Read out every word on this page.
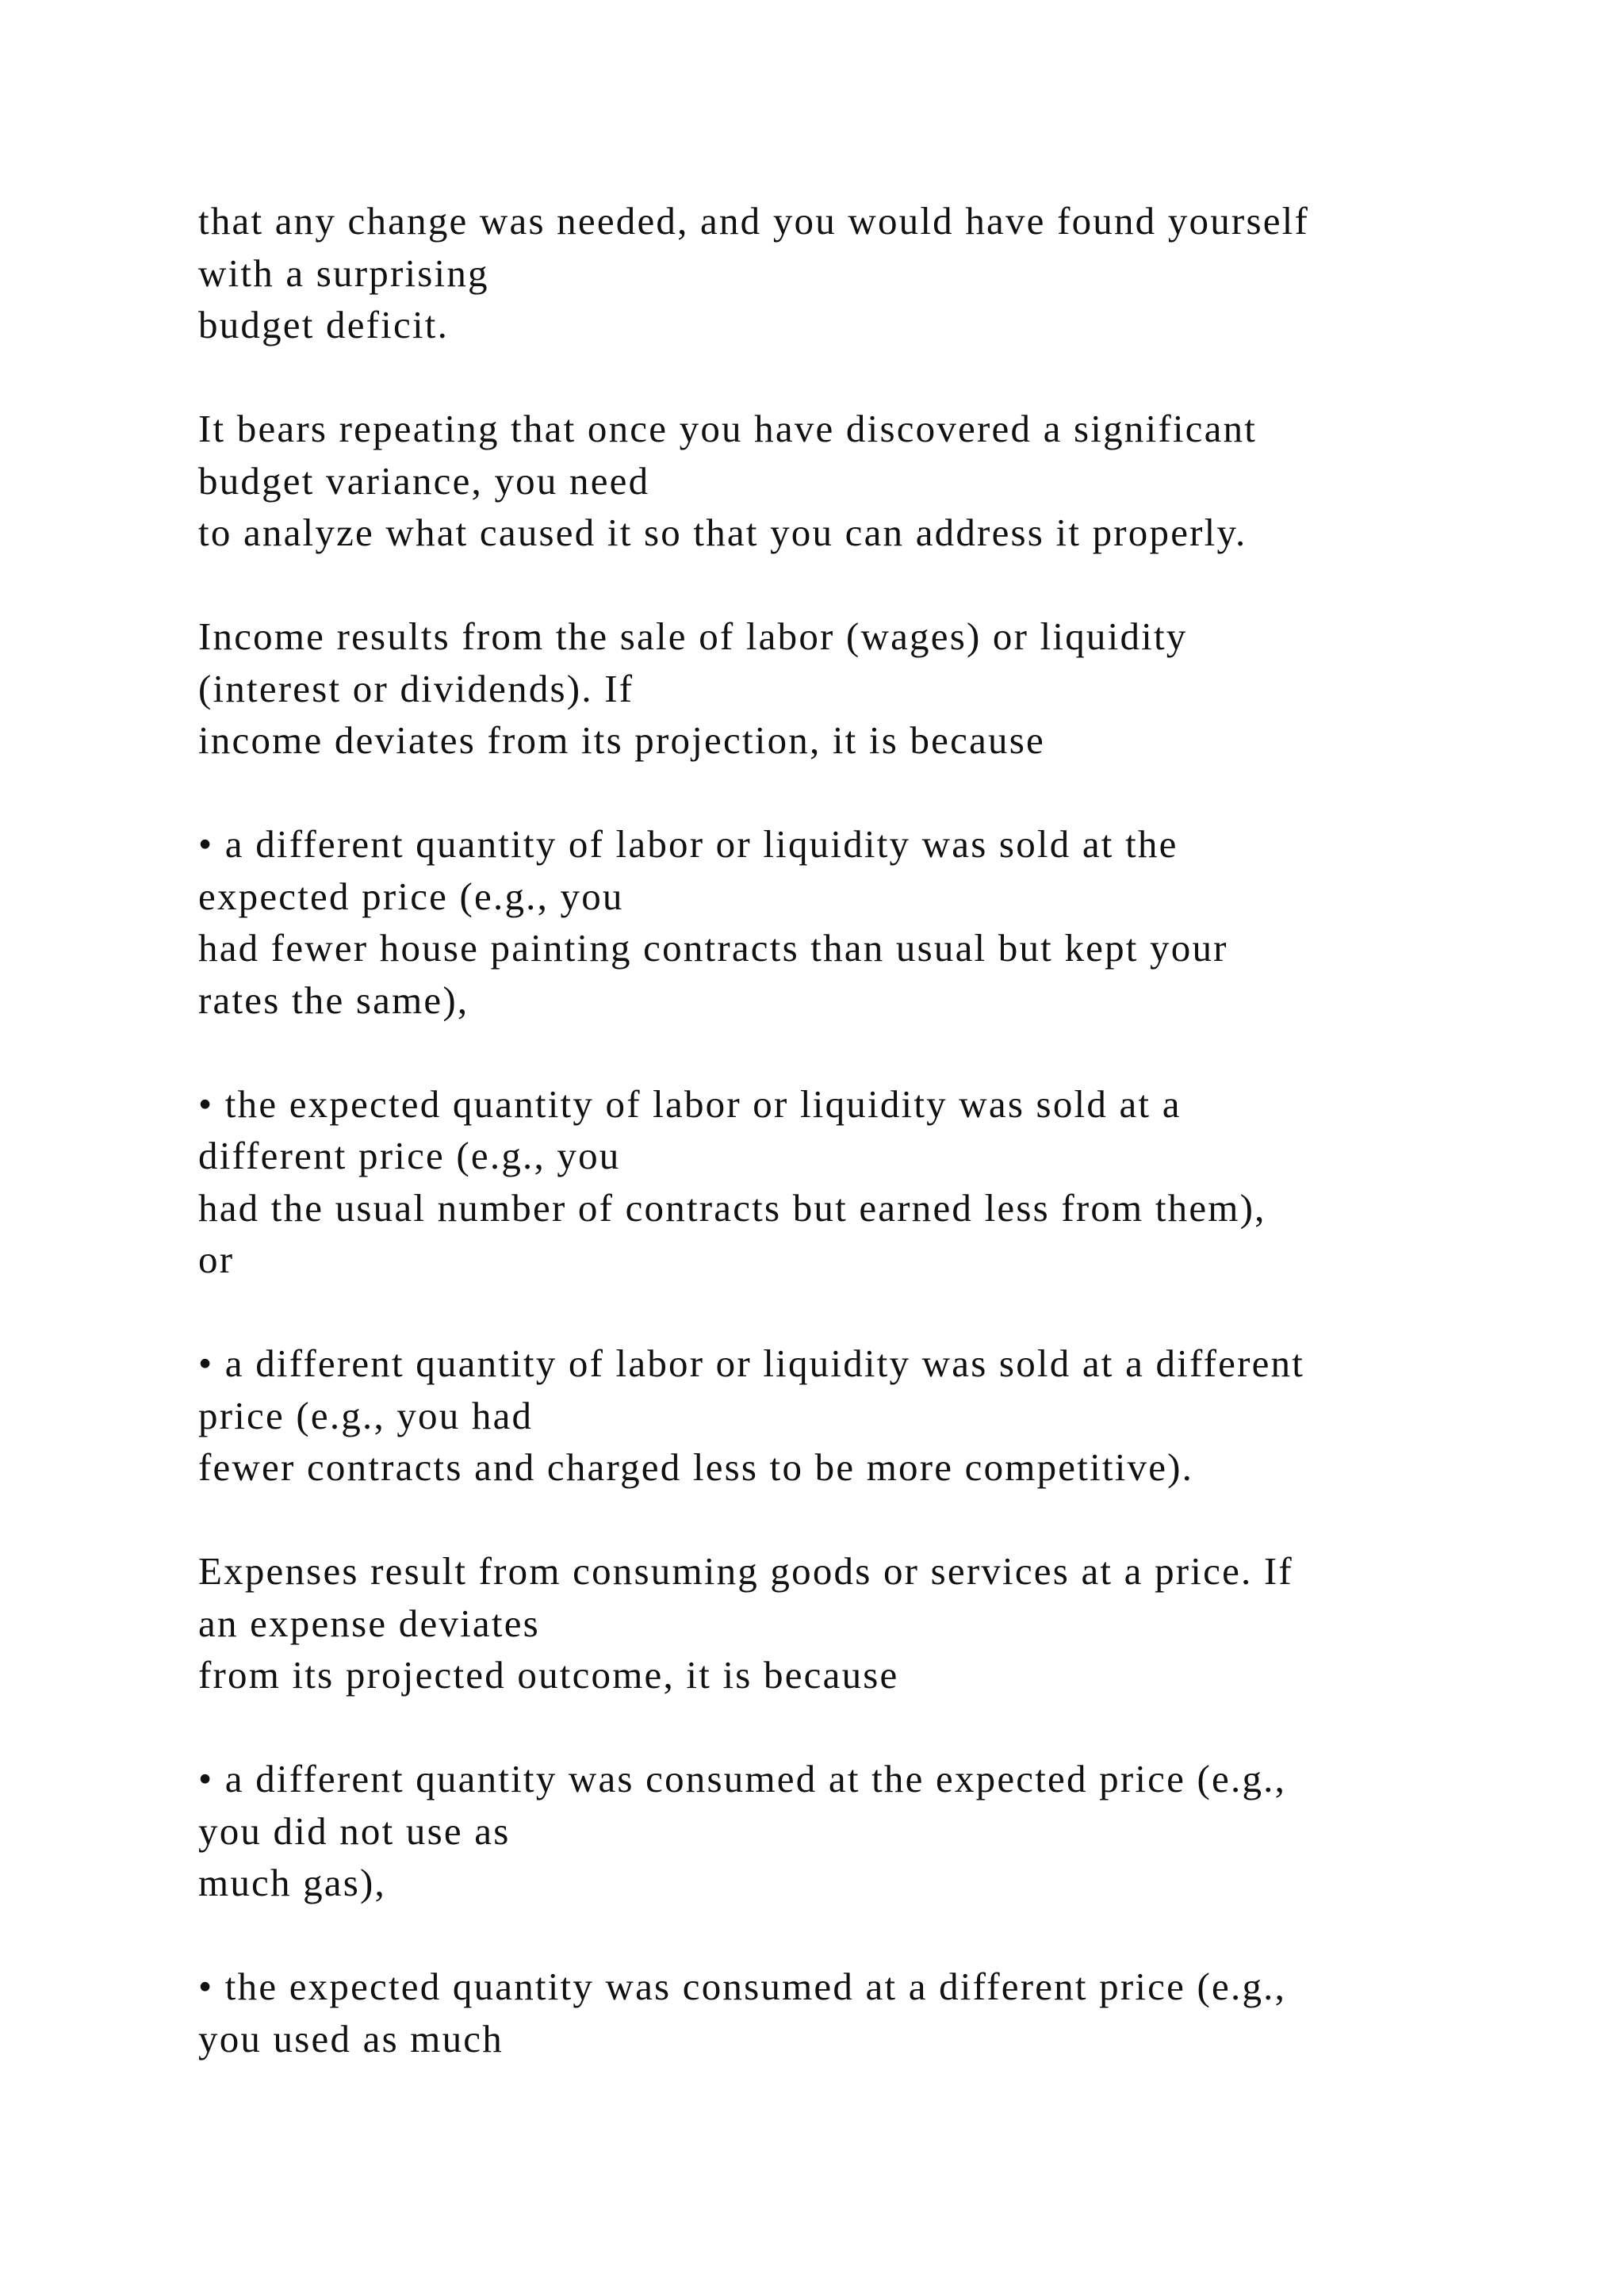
that any change was needed, and you would have found yourself
with a surprising
budget deficit.
It bears repeating that once you have discovered a significant
budget variance, you need
to analyze what caused it so that you can address it properly.
Income results from the sale of labor (wages) or liquidity
(interest or dividends). If
income deviates from its projection, it is because
• a different quantity of labor or liquidity was sold at the
expected price (e.g., you
had fewer house painting contracts than usual but kept your
rates the same),
• the expected quantity of labor or liquidity was sold at a
different price (e.g., you
had the usual number of contracts but earned less from them),
or
• a different quantity of labor or liquidity was sold at a different
price (e.g., you had
fewer contracts and charged less to be more competitive).
Expenses result from consuming goods or services at a price. If
an expense deviates
from its projected outcome, it is because
• a different quantity was consumed at the expected price (e.g.,
you did not use as
much gas),
• the expected quantity was consumed at a different price (e.g.,
you used as much
